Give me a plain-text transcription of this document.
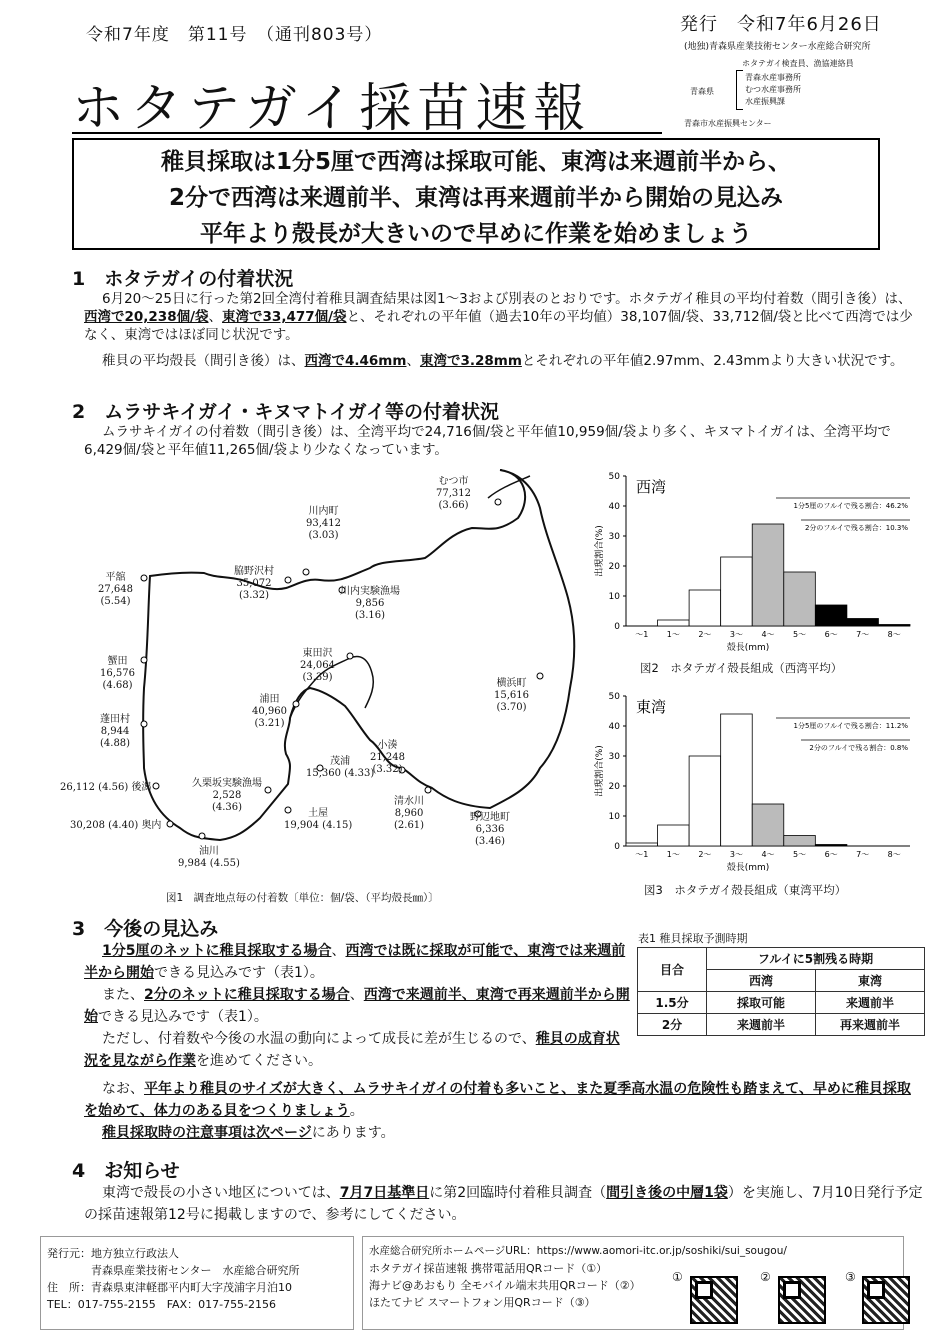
令和7年度　第11号　（通刊803号）	発行　令和7年6月26日
ホタテガイ採苗速報
(地独)青森県産業技術センター水産総合研究所
ホタテガイ検査員、漁協連絡員
青森県
青森水産事務所
むつ水産事務所
水産振興課
青森市水産振興センター
稚貝採取は1分5厘で西湾は採取可能、東湾は来週前半から、
2分で西湾は来週前半、東湾は再来週前半から開始の見込み
平年より殻長が大きいので早めに作業を始めましょう
1　ホタテガイの付着状況
6月20～25日に行った第2回全湾付着稚貝調査結果は図1～3および別表のとおりです。ホタテガイ稚貝の平均付着数（間引き後）は、西湾で20,238個/袋、東湾で33,477個/袋と、それぞれの平年値（過去10年の平均値）38,107個/袋、33,712個/袋と比べて西湾では少なく、東湾ではほぼ同じ状況です。
稚貝の平均殻長（間引き後）は、西湾で4.46mm、東湾で3.28mmとそれぞれの平年値2.97mm、2.43mmより大きい状況です。
2　ムラサキイガイ・キヌマトイガイ等の付着状況
ムラサキイガイの付着数（間引き後）は、全湾平均で24,716個/袋と平年値10,959個/袋より多く、キヌマトイガイは、全湾平均で6,429個/袋と平年値11,265個/袋より少なくなっています。
むつ市
77,312
(3.66)
川内町
93,412
(3.03)
平舘
27,648
(5.54)
脇野沢村
35,072
(3.32)	川内実験漁場
9,856
(3.16)
蟹田
16,576
(4.68)
東田沢
24,064
(3.39)
横浜町
15,616
(3.70)
浦田
40,960
(3.21)
蓬田村
8,944
(4.88)	小湊
21,248
(3.32)
茂浦
15,360 (4.33)
26,112 (4.56) 後潟	久栗坂実験漁場
2,528
(4.36)
清水川
8,960
(2.61)
土屋
19,904 (4.15)
野辺地町
6,336
(3.46)
30,208 (4.40) 奥内
油川
9,984 (4.55)
図1　調査地点毎の付着数〔単位：個/袋、（平均殻長㎜）〕
0
10
20
30
40
50
～1 1～ 2～ 3～ 4～ 5～ 6～ 7～ 8～
殻長(mm)
出現割合(%)
西湾
1分5厘のフルイで残る割合：46.2%
2分のフルイで残る割合：10.3%
図2　ホタテガイ殻長組成（西湾平均）
0
10
20
30
40
50
～1 1～ 2～ 3～ 4～ 5～ 6～ 7～ 8～
殻長(mm)
出現割合(%)
東湾
1分5厘のフルイで残る割合：11.2%
2分のフルイで残る割合：0.8%
図3　ホタテガイ殻長組成（東湾平均）
3　今後の見込み
1分5厘のネットに稚貝採取する場合、西湾では既に採取が可能で、東湾では来週前半から開始できる見込みです（表1）。
また、2分のネットに稚貝採取する場合、西湾で来週前半、東湾で再来週前半から開始できる見込みです（表1）。
ただし、付着数や今後の水温の動向によって成長に差が生じるので、稚貝の成育状況を見ながら作業を進めてください。
なお、平年より稚貝のサイズが大きく、ムラサキイガイの付着も多いこと、また夏季高水温の危険性も踏まえて、早めに稚貝採取を始めて、体力のある貝をつくりましょう。
稚貝採取時の注意事項は次ページにあります。
表1 稚貝採取予測時期
目合	フルイに5割残る時期	
	西湾	東湾
1.5分	採取可能	来週前半
2分	来週前半	再来週前半
4　お知らせ
東湾で殻長の小さい地区については、7月7日基準日に第2回臨時付着稚貝調査（間引き後の中層1袋）を実施し、7月10日発行予定の採苗速報第12号に掲載しますので、参考にしてください。
発行元：地方独立行政法人
　　　　青森県産業技術センター　水産総合研究所
住　所：青森県東津軽郡平内町大字茂浦字月泊10
TEL：017-755-2155　FAX：017-755-2156
水産総合研究所ホームページURL：https://www.aomori-itc.or.jp/soshiki/sui_sougou/
ホタテガイ採苗速報 携帯電話用QRコード（①）
海ナビ@あおもり 全モバイル端末共用QRコード（②）
ほたてナビ スマートフォン用QRコード（③）
①	②	③
